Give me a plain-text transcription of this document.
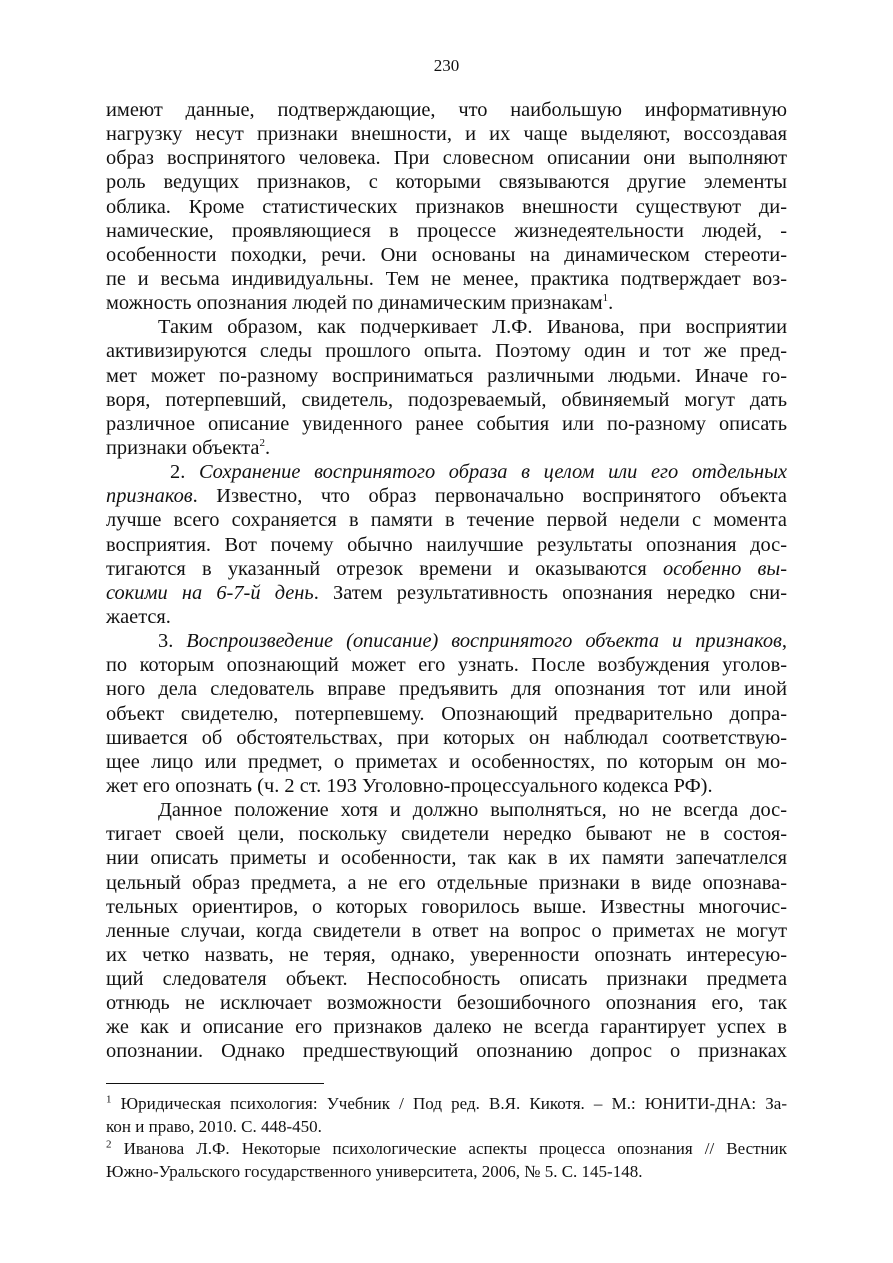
230
имеют данные, подтверждающие, что наибольшую информативную
нагрузку несут признаки внешности, и их чаще выделяют, воссоздавая
образ воспринятого человека. При словесном описании они выполняют
роль ведущих признаков, с которыми связываются другие элементы
облика. Кроме статистических признаков внешности существуют ди-
намические, проявляющиеся в процессе жизнедеятельности людей, -
особенности походки, речи. Они основаны на динамическом стереоти-
пе и весьма индивидуальны. Тем не менее, практика подтверждает воз-
можность опознания людей по динамическим признакам$^1$.
Таким образом, как подчеркивает Л.Ф. Иванова, при восприятии
активизируются следы прошлого опыта. Поэтому один и тот же пред-
мет может по-разному восприниматься различными людьми. Иначе го-
воря, потерпевший, свидетель, подозреваемый, обвиняемый могут дать
различное описание увиденного ранее события или по-разному описать
признаки объекта$^2$.
2. Сохранение воспринятого образа в целом или его отдельных
признаков. Известно, что образ первоначально воспринятого объекта
лучше всего сохраняется в памяти в течение первой недели с момента
восприятия. Вот почему обычно наилучшие результаты опознания дос-
тигаются в указанный отрезок времени и оказываются особенно вы-
сокими на 6-7-й день. Затем результативность опознания нередко сни-
жается.
3. Воспроизведение (описание) воспринятого объекта и признаков,
по которым опознающий может его узнать. После возбуждения уголов-
ного дела следователь вправе предъявить для опознания тот или иной
объект свидетелю, потерпевшему. Опознающий предварительно допра-
шивается об обстоятельствах, при которых он наблюдал соответствую-
щее лицо или предмет, о приметах и особенностях, по которым он мо-
жет его опознать (ч. 2 ст. 193 Уголовно-процессуального кодекса РФ).
Данное положение хотя и должно выполняться, но не всегда дос-
тигает своей цели, поскольку свидетели нередко бывают не в состоя-
нии описать приметы и особенности, так как в их памяти запечатлелся
цельный образ предмета, а не его отдельные признаки в виде опознава-
тельных ориентиров, о которых говорилось выше. Известны многочис-
ленные случаи, когда свидетели в ответ на вопрос о приметах не могут
их четко назвать, не теряя, однако, уверенности опознать интересую-
щий следователя объект. Неспособность описать признаки предмета
отнюдь не исключает возможности безошибочного опознания его, так
же как и описание его признаков далеко не всегда гарантирует успех в
опознании. Однако предшествующий опознанию допрос о признаках
$^1$ Юридическая психология: Учебник / Под ред. В.Я. Кикотя. – М.: ЮНИТИ-ДНА: За-
кон и право, 2010. С. 448-450.
$^2$ Иванова Л.Ф. Некоторые психологические аспекты процесса опознания // Вестник
Южно-Уральского государственного университета, 2006, № 5. С. 145-148.
